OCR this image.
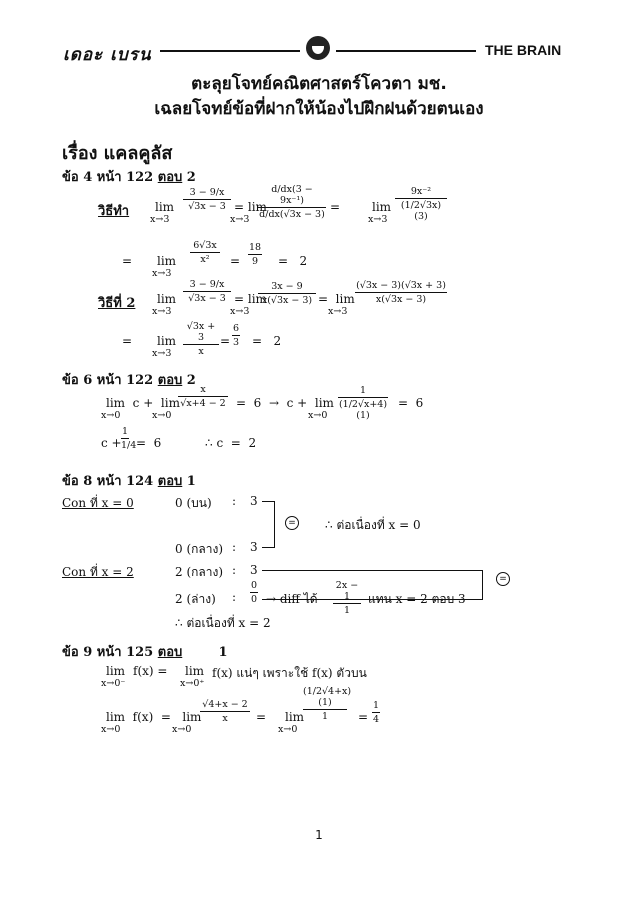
เดอะ เบรน	THE BRAIN
ตะลุยโจทย์คณิตศาสตร์โควตา มช.
เฉลยโจทย์ข้อที่ฝากให้น้องไปฝึกฝนด้วยตนเอง
เรื่อง แคลคูลัส
ข้อ 4 หน้า 122 ตอบ 2
วิธีทำ lim
x→3
3 − 9/x
√3x − 3 = lim
x→3
d/dx(3 − 9x⁻¹)
d/dx(√3x − 3)
=	lim
x→3
9x⁻²
(1/2√3x)(3)
= lim
x→3
6√3x
x²	=
18
9	=   2
วิธีที่ 2 lim
x→3
3 − 9/x
√3x − 3 = lim
x→3
3x − 9
x(√3x − 3) =  lim
x→3
(√3x − 3)(√3x + 3)
x(√3x − 3)
= lim
x→3
√3x + 3
x
=
6
3 =   2
ข้อ 6 หน้า 122 ตอบ 2
lim  c +  lim
x→0	x→0
x
√x+4 − 2 =  6  →  c +  lim
x→0
1
(1/2√x+4)(1)
=  6
c +
1
1/4 =  6	∴ c  =  2
ข้อ 8 หน้า 124 ตอบ 1
Con ที่ x = 0	0 (บน) : 3
= ∴ ต่อเนื่องที่ x = 0
0 (กลาง) : 3
Con ที่ x = 2	2 (กลาง) : 3
=
2 (ล่าง) :
0
0 → diff ได้
2x − 1
1
แทน x = 2 ตอบ 3
∴ ต่อเนื่องที่ x = 2
ข้อ 9 หน้า 125 ตอบ	1
lim
x→0⁻
f(x) = lim
x→0⁺
f(x) แน่ๆ เพราะใช้ f(x) ตัวบน
lim  f(x)  =   lim
x→0	x→0
√4+x − 2
x	= lim
x→0
(1/2√4+x)(1)
1	=
1
4
1
